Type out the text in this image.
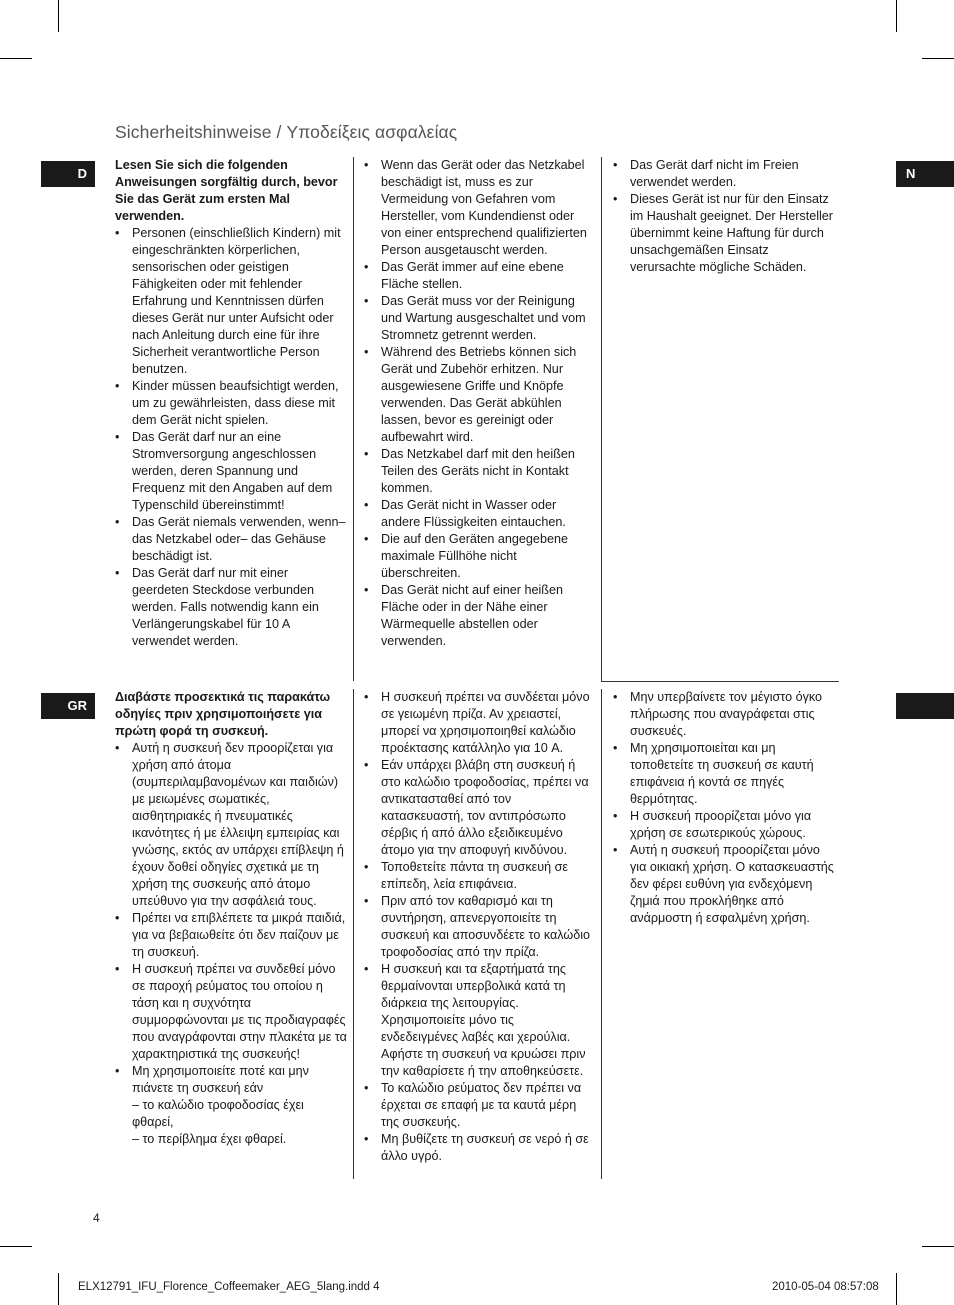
Sicherheitshinweise / Υποδείξεις ασφαλείας
D	N

Lesen Sie sich die folgenden Anweisungen sorgfältig durch, bevor Sie das Gerät zum ersten Mal verwenden.

• Personen (einschließlich Kindern) mit eingeschränkten körperlichen, sensorischen oder geistigen Fähigkeiten oder mit fehlender Erfahrung und Kenntnissen dürfen dieses Gerät nur unter Aufsicht oder nach Anleitung durch eine für ihre Sicherheit verantwortliche Person benutzen.
• Kinder müssen beaufsichtigt werden, um zu gewährleisten, dass diese mit dem Gerät nicht spielen.
• Das Gerät darf nur an eine Stromversorgung angeschlossen werden, deren Spannung und Frequenz mit den Angaben auf dem Typenschild übereinstimmt!
• Das Gerät niemals verwenden, wenn– das Netzkabel oder– das Gehäuse beschädigt ist.
• Das Gerät darf nur mit einer geerdeten Steckdose verbunden werden. Falls notwendig kann ein Verlängerungskabel für 10 A verwendet werden.
• Wenn das Gerät oder das Netzkabel beschädigt ist, muss es zur Vermeidung von Gefahren vom Hersteller, vom Kundendienst oder von einer entsprechend qualifizierten Person ausgetauscht werden.
• Das Gerät immer auf eine ebene Fläche stellen.
• Das Gerät muss vor der Reinigung und Wartung ausgeschaltet und vom Stromnetz getrennt werden.
• Während des Betriebs können sich Gerät und Zubehör erhitzen. Nur ausgewiesene Griffe und Knöpfe verwenden. Das Gerät abkühlen lassen, bevor es gereinigt oder aufbewahrt wird.
• Das Netzkabel darf mit den heißen Teilen des Geräts nicht in Kontakt kommen.
• Das Gerät nicht in Wasser oder andere Flüssigkeiten eintauchen.
• Die auf den Geräten angegebene maximale Füllhöhe nicht überschreiten.
• Das Gerät nicht auf einer heißen Fläche oder in der Nähe einer Wärmequelle abstellen oder verwenden.
• Das Gerät darf nicht im Freien verwendet werden.
• Dieses Gerät ist nur für den Einsatz im Haushalt geeignet. Der Hersteller übernimmt keine Haftung für durch unsachgemäßen Einsatz verursachte mögliche Schäden.
GR

Διαβάστε προσεκτικά τις παρακάτω οδηγίες πριν χρησιμοποιήσετε για πρώτη φορά τη συσκευή.

• Αυτή η συσκευή δεν προορίζεται για χρήση από άτομα (συμπεριλαμβανομένων και παιδιών) με μειωμένες σωματικές, αισθητηριακές ή πνευματικές ικανότητες ή με έλλειψη εμπειρίας και γνώσης, εκτός αν υπάρχει επίβλεψη ή έχουν δοθεί οδηγίες σχετικά με τη χρήση της συσκευής από άτομο υπεύθυνο για την ασφάλειά τους.
• Πρέπει να επιβλέπετε τα μικρά παιδιά, για να βεβαιωθείτε ότι δεν παίζουν με τη συσκευή.
• Η συσκευή πρέπει να συνδεθεί μόνο σε παροχή ρεύματος του οποίου η τάση και η συχνότητα συμμορφώνονται με τις προδιαγραφές που αναγράφονται στην πλακέτα με τα χαρακτηριστικά της συσκευής!
• Μη χρησιμοποιείτε ποτέ και μην πιάνετε τη συσκευή εάν
– το καλώδιο τροφοδοσίας έχει φθαρεί,
– το περίβλημα έχει φθαρεί.
• Η συσκευή πρέπει να συνδέεται μόνο σε γειωμένη πρίζα. Αν χρειαστεί, μπορεί να χρησιμοποιηθεί καλώδιο προέκτασης κατάλληλο για 10 A.
• Εάν υπάρχει βλάβη στη συσκευή ή στο καλώδιο τροφοδοσίας, πρέπει να αντικατασταθεί από τον κατασκευαστή, τον αντιπρόσωπο σέρβις ή από άλλο εξειδικευμένο άτομο για την αποφυγή κινδύνου.
• Τοποθετείτε πάντα τη συσκευή σε επίπεδη, λεία επιφάνεια.
• Πριν από τον καθαρισμό και τη συντήρηση, απενεργοποιείτε τη συσκευή και αποσυνδέετε το καλώδιο τροφοδοσίας από την πρίζα.
• Η συσκευή και τα εξαρτήματά της θερμαίνονται υπερβολικά κατά τη διάρκεια της λειτουργίας. Χρησιμοποιείτε μόνο τις ενδεδειγμένες λαβές και χερούλια. Αφήστε τη συσκευή να κρυώσει πριν την καθαρίσετε ή την αποθηκεύσετε.
• Το καλώδιο ρεύματος δεν πρέπει να έρχεται σε επαφή με τα καυτά μέρη της συσκευής.
• Μη βυθίζετε τη συσκευή σε νερό ή σε άλλο υγρό.
• Μην υπερβαίνετε τον μέγιστο όγκο πλήρωσης που αναγράφεται στις συσκευές.
• Μη χρησιμοποιείται και μη τοποθετείτε τη συσκευή σε καυτή επιφάνεια ή κοντά σε πηγές θερμότητας.
• Η συσκευή προορίζεται μόνο για χρήση σε εσωτερικούς χώρους.
• Αυτή η συσκευή προορίζεται μόνο για οικιακή χρήση. Ο κατασκευαστής δεν φέρει ευθύνη για ενδεχόμενη ζημιά που προκλήθηκε από ανάρμοστη ή εσφαλμένη χρήση.
4
ELX12791_IFU_Florence_Coffeemaker_AEG_5lang.indd 4	2010-05-04 08:57:08
